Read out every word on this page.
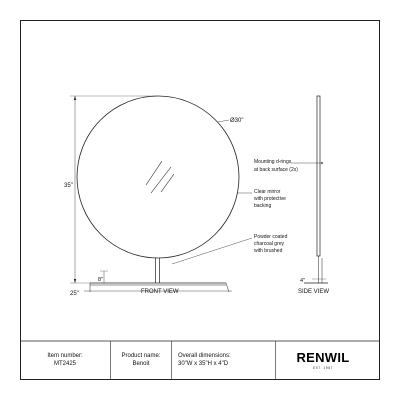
Ø30"
35"
8"
25"	FRONT VIEW
Mounting d-rings
at back surface (2x)
Clear mirror
with protective
backing
Powder coated
charcoal grey
with brushed
4"
SIDE VIEW
Item number:
MT2425
Product name:
Benoit
Overall dimensions:
30"W x 35"H x 4"D	RENWIL
EST. 1987
